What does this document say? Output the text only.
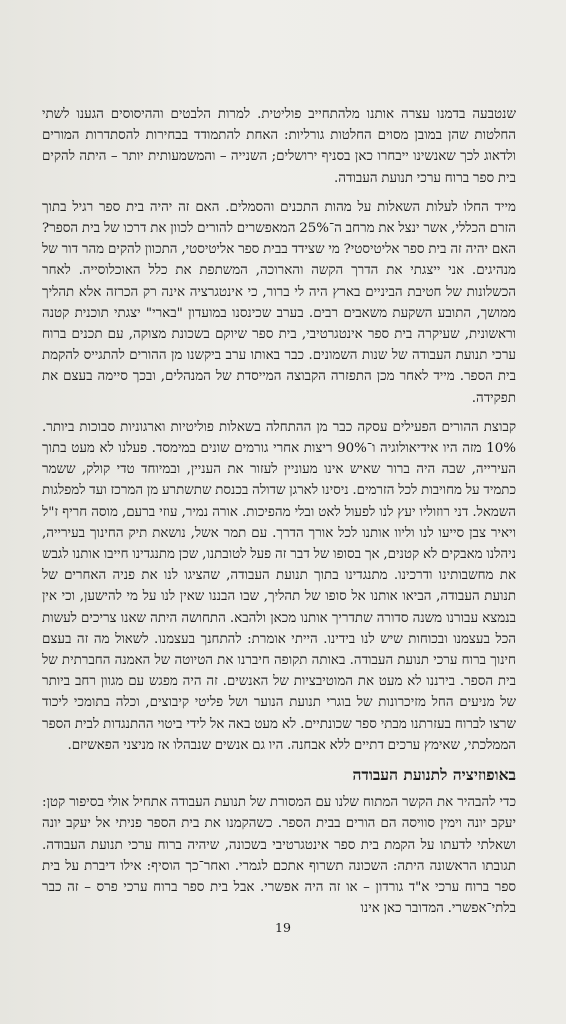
שנטבעה בדמנו עצרה אותנו מלהתחייב פוליטית. למרות הלבטים וההיסוסים הגענו לשתי החלטות שהן במובן מסוים החלטות גורליות: האחת להתמודד בבחירות להסתדרות המורים ולדאוג לכך שאנשינו ייבחרו כאן בסניף ירושלים; השנייה – והמשמעותית יותר – היתה להקים בית ספר ברוח ערכי תנועת העבודה.

מייד החלו לעלות השאלות על מהות התכנים והסמלים. האם זה יהיה בית ספר רגיל בתוך הזרם הכללי, אשר ינצל את מרחב ה־25% המאפשרים להורים לכוון את דרכו של בית הספר? האם יהיה זה בית ספר אליטיסטי? מי שצידד בבית ספר אליטיסטי, התכוון להקים מהר דור של מנהיגים. אני ייצגתי את הדרך הקשה והארוכה, המשתפת את כלל האוכלוסייה. לאחר הכשלונות של חטיבת הביניים בארץ היה לי ברור, כי אינטגרציה אינה רק הכרזה אלא תהליך ממושך, התובע השקעת משאבים רבים. בערב שכינסנו במועדון "בארי" יצגתי תוכנית קטנה וראשונית, שעיקרה בית ספר אינטגרטיבי, בית ספר שיוקם בשכונת מצוקה, עם תכנים ברוח ערכי תנועת העבודה של שנות השמונים. כבר באותו ערב ביקשנו מן ההורים להתגייס להקמת בית הספר. מייד לאחר מכן התפזרה הקבוצה המייסדת של המנהלים, ובכך סיימה בעצם את תפקידה.

קבוצת ההורים הפעילים עסקה כבר מן ההתחלה בשאלות פוליטיות וארגוניות סבוכות ביותר. 10% מזה היו אידיאולוגיה ו־90% ריצות אחרי גורמים שונים במימסד. פעלנו לא מעט בתוך העירייה, שבה היה ברור שאיש אינו מעוניין לעזור את העניין, ובמיוחד טדי קולק, ששמר כתמיד על מחויבות לכל הזרמים. ניסינו לארגן שדולה בכנסת שתשתרע מן המרכז ועד למפלגות השמאל. דני רוזוליו יעץ לנו לפעול לאט ובלי מהפיכות. אורה נמיר, עוזי ברעם, מוסה חריף ז"ל ויאיר צבן סייעו לנו וליוו אותנו לכל אורך הדרך. עם תמר אשל, נושאת תיק החינוך בעירייה, ניהלנו מאבקים לא קטנים, אך בסופו של דבר זה פעל לטובתנו, שכן מתנגדינו חייבו אותנו לגבש את מחשבותינו ודרכינו. מתנגדינו בתוך תנועת העבודה, שהציגו לנו את פניה האחרים של תנועת העבודה, הביאו אותנו אל סופו של תהליך, שבו הבננו שאין לנו על מי להישען, וכי אין בנמצא עבורנו משנה סדורה שתדריך אותנו מכאן ולהבא. התחושה היתה שאנו צריכים לעשות הכל בעצמנו ובכוחות שיש לנו בידינו. הייתי אומרת: להתחנך בעצמנו. לשאול מה זה בעצם חינוך ברוח ערכי תנועת העבודה. באותה תקופה חיברנו את הטיוטה של האמנה החברתית של בית הספר. בירננו לא מעט את המוטיבציות של האנשים. זה היה מפגש עם מגוון רחב ביותר של מניעים החל מזיכרונות של בוגרי תנועת הנוער ושל פליטי קיבוצים, וכלה בתומכי ליכוד שרצו לברוח בעזרתנו מבתי ספר שכונתיים. לא מעט באה אל לידי ביטוי ההתנגדות לבית הספר הממלכתי, שאימץ ערכים דתיים ללא אבחנה. היו גם אנשים שנבהלו אז מניצני הפאשיזם.

באופוזיציה לתנועת העבודה

כדי להבהיר את הקשר המתוח שלנו עם המסורת של תנועת העבודה אתחיל אולי בסיפור קטן: יעקב יונה וימין סוויסה הם הורים בבית הספר. כשהקמנו את בית הספר פניתי אל יעקב יונה ושאלתי לדעתו על הקמת בית ספר אינטגרטיבי בשכונה, שיהיה ברוח ערכי תנועת העבודה. תגובתו הראשונה היתה: השכונה תשרוף אתכם לגמרי. ואחר־כך הוסיף: אילו דיברת על בית ספר ברוח ערכי א"ד גורדון – או זה היה אפשרי. אבל בית ספר ברוח ערכי פרס – זה כבר בלתי־אפשרי. המדובר כאן אינו

19
